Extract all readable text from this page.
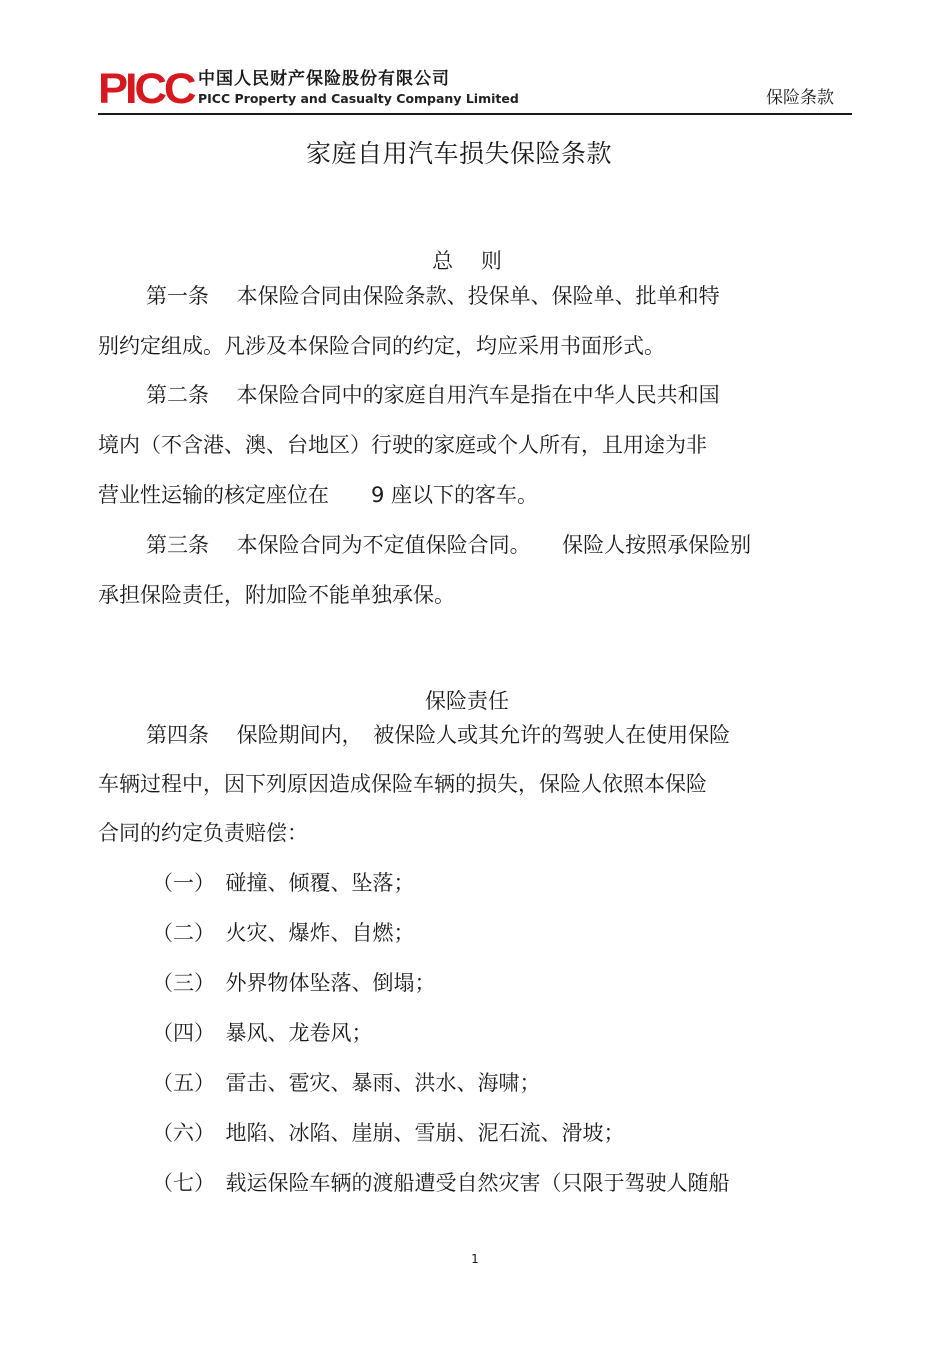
PICC 中国人民财产保险股份有限公司
PICC Property and Casualty Company Limited	保险条款
家庭自用汽车损失保险条款
总　 则
第一条　 本保险合同由保险条款、投保单、保险单、批单和特
别约定组成。凡涉及本保险合同的约定，均应采用书面形式。
第二条　 本保险合同中的家庭自用汽车是指在中华人民共和国
境内（不含港、澳、台地区）行驶的家庭或个人所有，且用途为非
营业性运输的核定座位在　　9 座以下的客车。
第三条　 本保险合同为不定值保险合同。　　保险人按照承保险别
承担保险责任，附加险不能单独承保。
保险责任
第四条　 保险期间内，　被保险人或其允许的驾驶人在使用保险
车辆过程中，因下列原因造成保险车辆的损失，保险人依照本保险
合同的约定负责赔偿：
（一）　碰撞、倾覆、坠落；
（二）　火灾、爆炸、自燃；
（三）　外界物体坠落、倒塌；
（四）　暴风、龙卷风；
（五）　雷击、雹灾、暴雨、洪水、海啸；
（六）　地陷、冰陷、崖崩、雪崩、泥石流、滑坡；
（七）　载运保险车辆的渡船遭受自然灾害（只限于驾驶人随船
1
